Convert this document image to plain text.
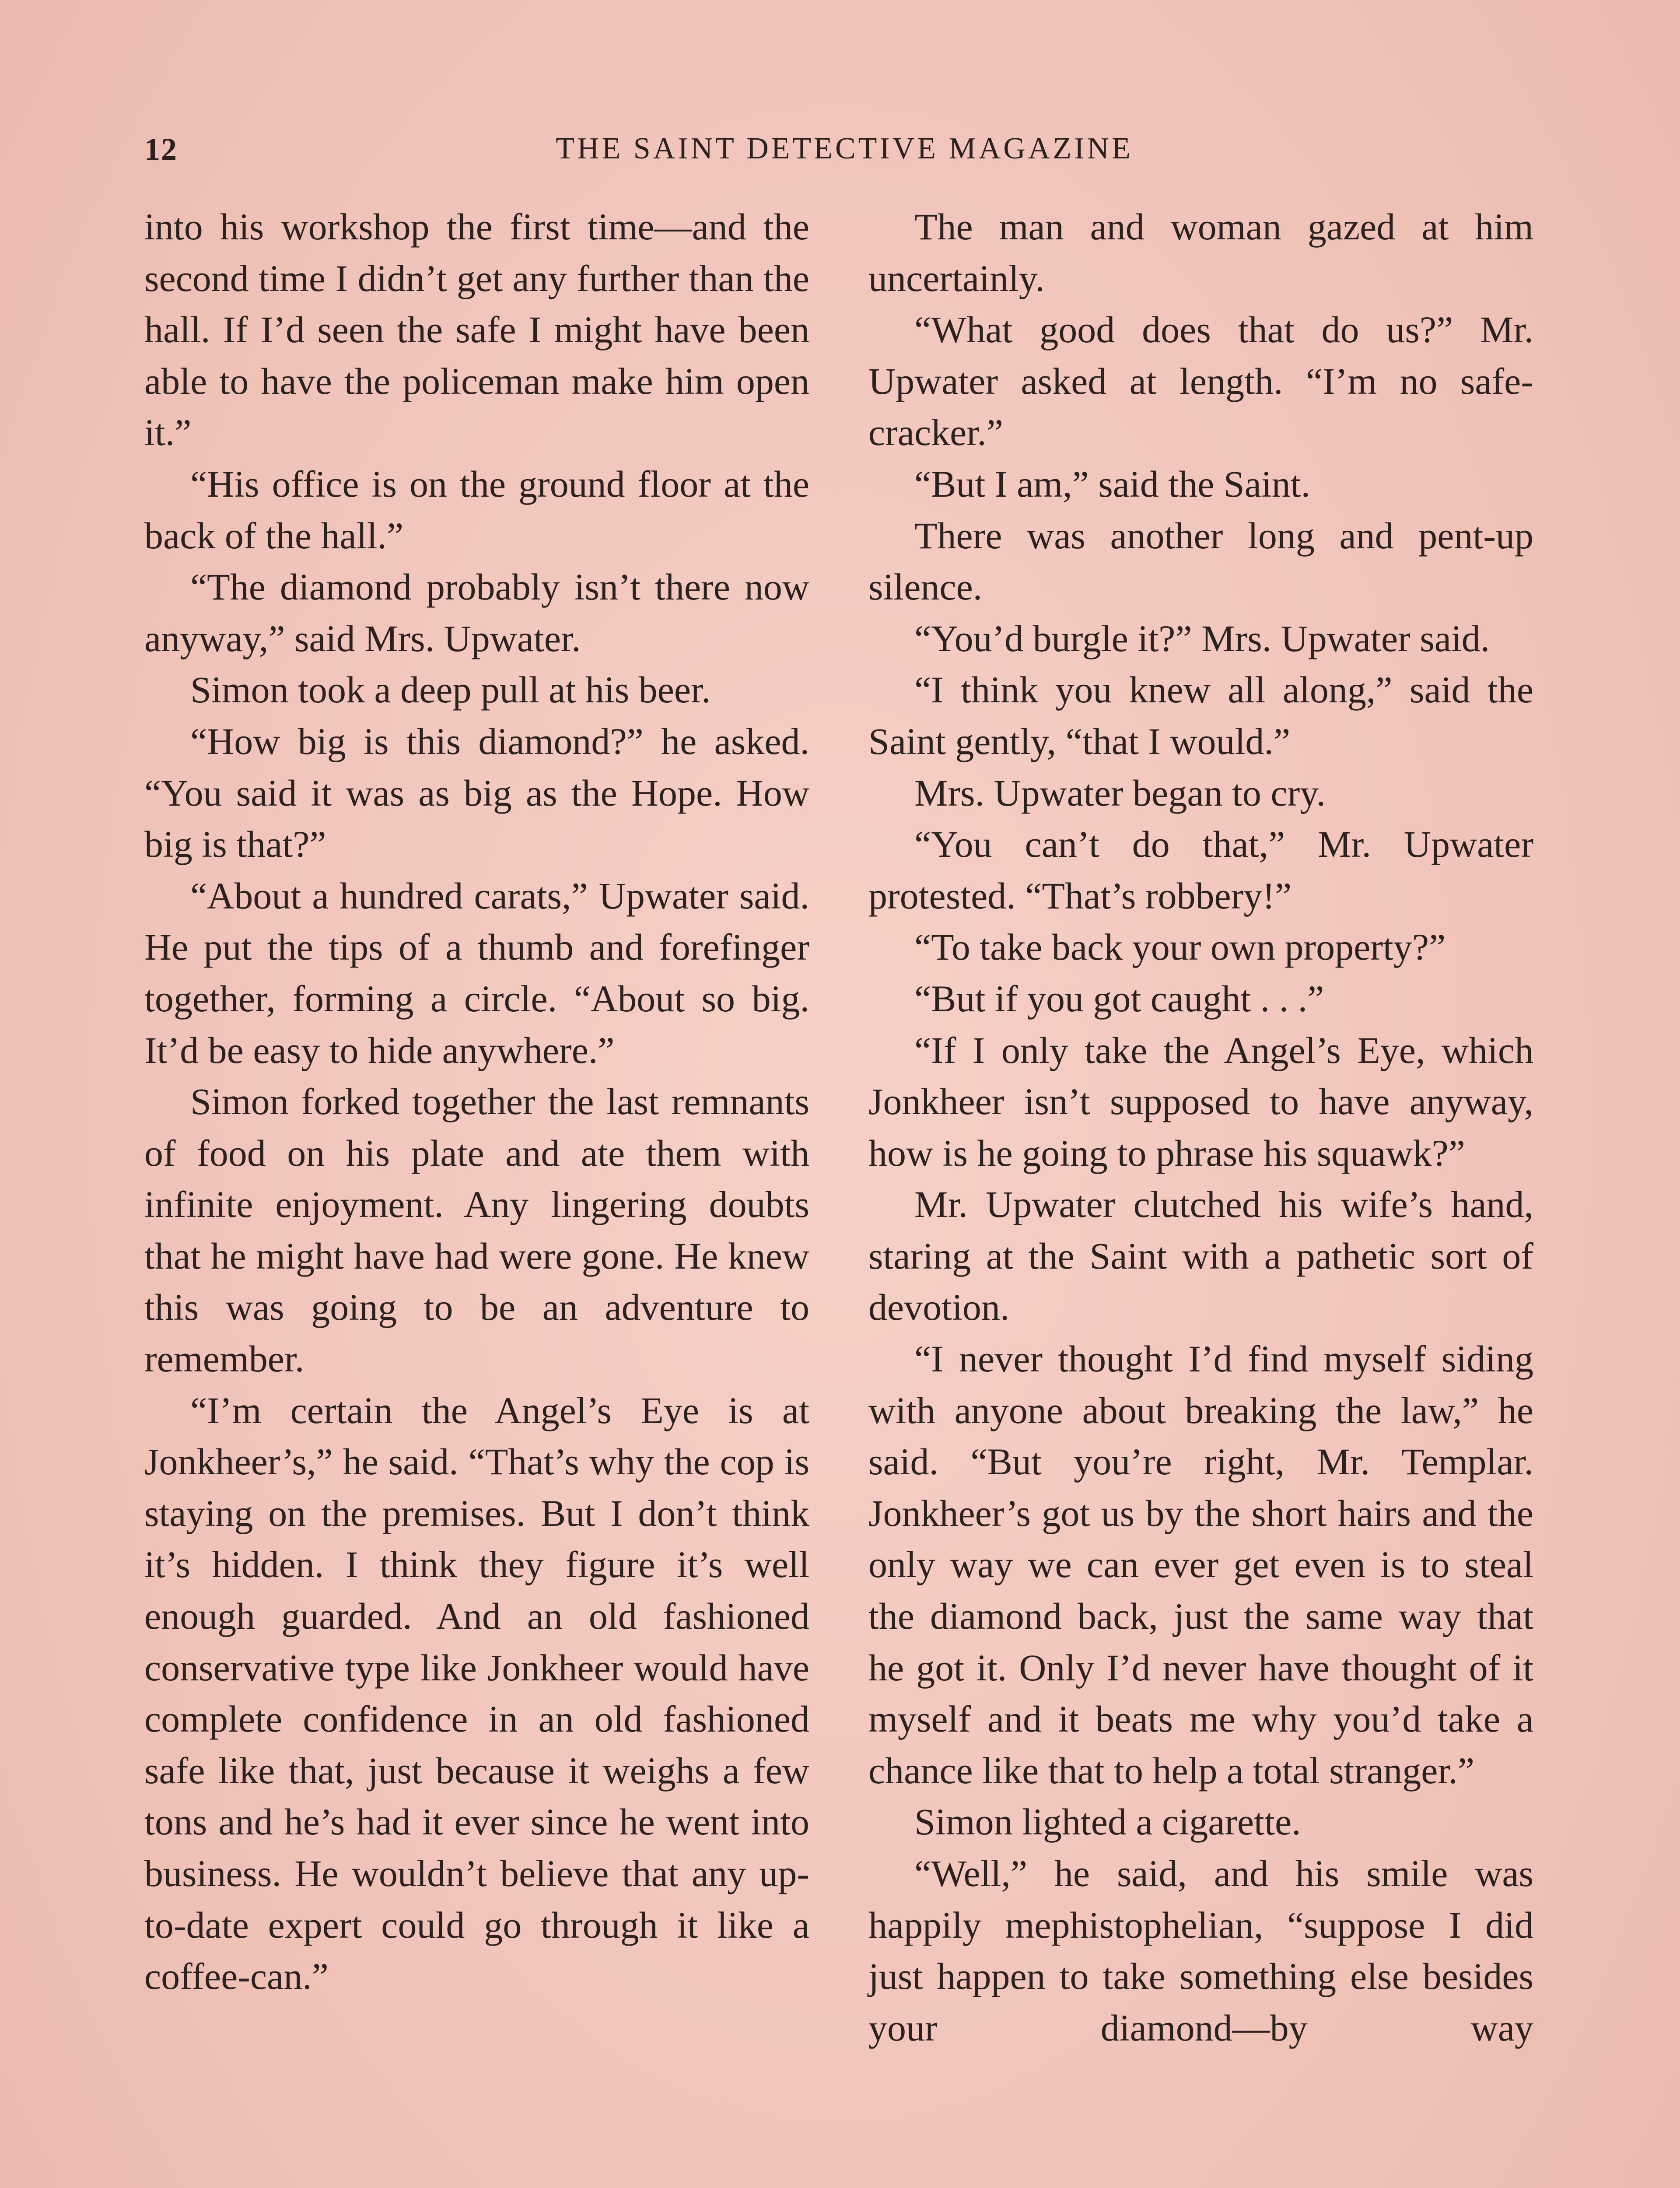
12	THE SAINT DETECTIVE MAGAZINE

into his workshop the first time—and the second time I didn’t get any further than the hall. If I’d seen the safe I might have been able to have the policeman make him open it.”

“His office is on the ground floor at the back of the hall.”

“The diamond probably isn’t there now anyway,” said Mrs. Upwater.

Simon took a deep pull at his beer.

“How big is this diamond?” he asked. “You said it was as big as the Hope. How big is that?”

“About a hundred carats,” Upwater said. He put the tips of a thumb and forefinger together, forming a circle. “About so big. It’d be easy to hide anywhere.”

Simon forked together the last remnants of food on his plate and ate them with infinite enjoyment. Any lingering doubts that he might have had were gone. He knew this was going to be an adventure to remember.

“I’m certain the Angel’s Eye is at Jonkheer’s,” he said. “That’s why the cop is staying on the premises. But I don’t think it’s hidden. I think they figure it’s well enough guarded. And an old fashioned conservative type like Jonkheer would have complete confidence in an old fashioned safe like that, just because it weighs a few tons and he’s had it ever since he went into business. He wouldn’t believe that any up-to-date expert could go through it like a coffee-can.”

The man and woman gazed at him uncertainly.

“What good does that do us?” Mr. Upwater asked at length. “I’m no safe-cracker.”

“But I am,” said the Saint.

There was another long and pent-up silence.

“You’d burgle it?” Mrs. Upwater said.

“I think you knew all along,” said the Saint gently, “that I would.”

Mrs. Upwater began to cry.

“You can’t do that,” Mr. Upwater protested. “That’s robbery!”

“To take back your own property?”

“But if you got caught . . .”

“If I only take the Angel’s Eye, which Jonkheer isn’t supposed to have anyway, how is he going to phrase his squawk?”

Mr. Upwater clutched his wife’s hand, staring at the Saint with a pathetic sort of devotion.

“I never thought I’d find myself siding with anyone about breaking the law,” he said. “But you’re right, Mr. Templar. Jonkheer’s got us by the short hairs and the only way we can ever get even is to steal the diamond back, just the same way that he got it. Only I’d never have thought of it myself and it beats me why you’d take a chance like that to help a total stranger.”

Simon lighted a cigarette.

“Well,” he said, and his smile was happily mephistophelian, “suppose I did just happen to take something else besides your diamond—by way
